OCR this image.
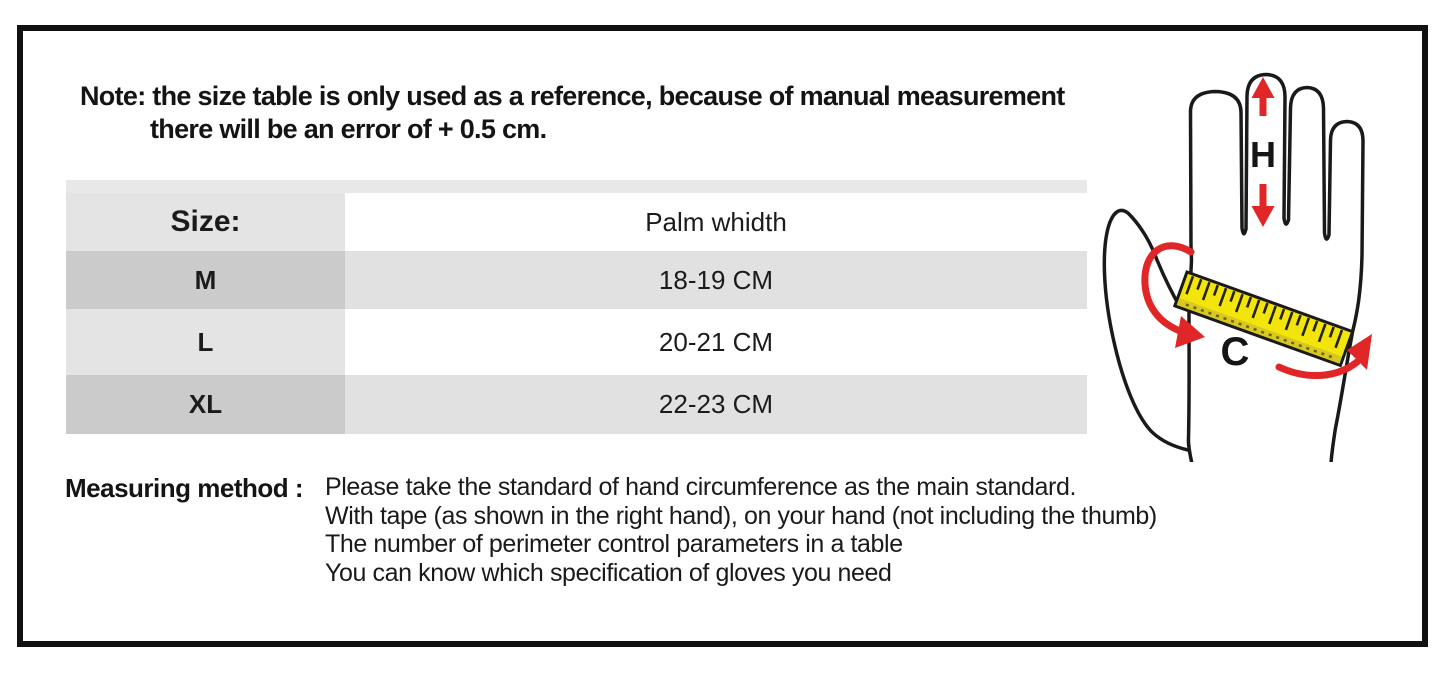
Note: the size table is only used as a reference, because of manual measurement
there will be an error of + 0.5 cm.
Size:	Palm whidth
M	18-19 CM
L	20-21 CM
XL	22-23 CM
Measuring method : Please take the standard of hand circumference as the main standard.
With tape (as shown in the right hand), on your hand (not including the thumb)
The number of perimeter control parameters in a table
You can know which specification of gloves you need
H
C
